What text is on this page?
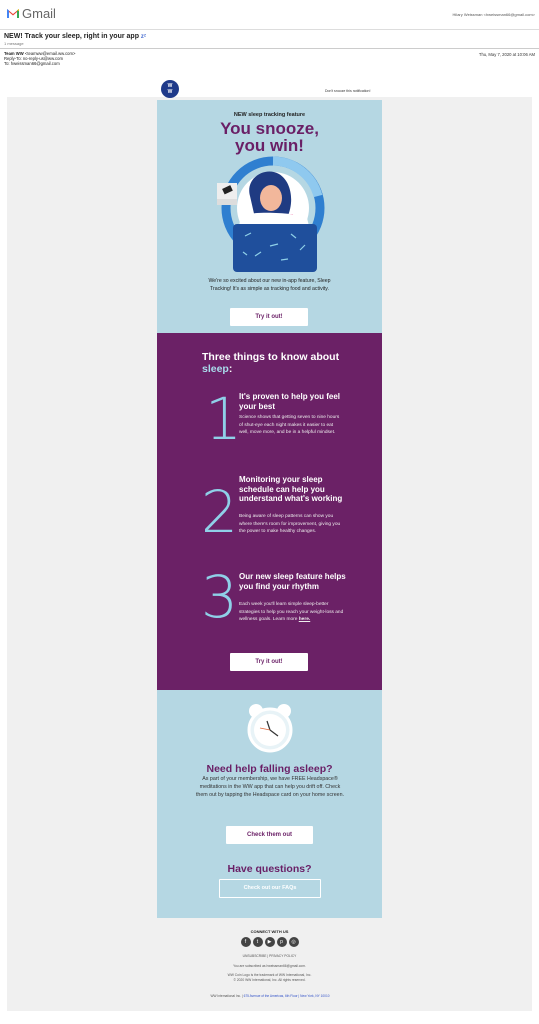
Gmail	Hilary Weissman <hweissman66@gmail.com>
NEW! Track your sleep, right in your app zᶻ
1 message
Team WW <teamww@email.ww.com>
Reply-To: no-reply-us@ww.com
To: hweissman66@gmail.com
Thu, May 7, 2020 at 10:06 AM
W
W	Don't snooze this notification!
NEW sleep tracking feature
You snooze,
you win!
We're so excited about our new in-app feature, Sleep Tracking! It's as simple as tracking food and activity.
Try it out!
Three things to know about sleep:
1
It's proven to help you feel your best
Science shows that getting seven to nine hours of shut-eye each night makes it easier to eat well, move more, and be in a helpful mindset.
2 Monitoring your sleep schedule can help you understand what's working
Being aware of sleep patterns can show you where there's room for improvement, giving you the power to make healthy changes.
3 Our new sleep feature helps you find your rhythm
Each week you'll learn simple sleep-better strategies to help you reach your weight-loss and wellness goals. Learn more here.
Try it out!
Need help falling asleep?
As part of your membership, we have FREE Headspace® meditations in the WW app that can help you drift off. Check them out by tapping the Headspace card on your home screen.
Check them out
Have questions?
Check out our FAQs
CONNECT WITH US
f	t	▶	p	◎
UNSUBSCRIBE | PRIVACY POLICY
You are subscribed as hweissman66@gmail.com.
WW Coin Logo is the trademark of WW International, Inc.
© 2020 WW International, Inc. All rights reserved.
WW International Inc. | 675 Avenue of the Americas, 6th Floor | New York, NY 10010
